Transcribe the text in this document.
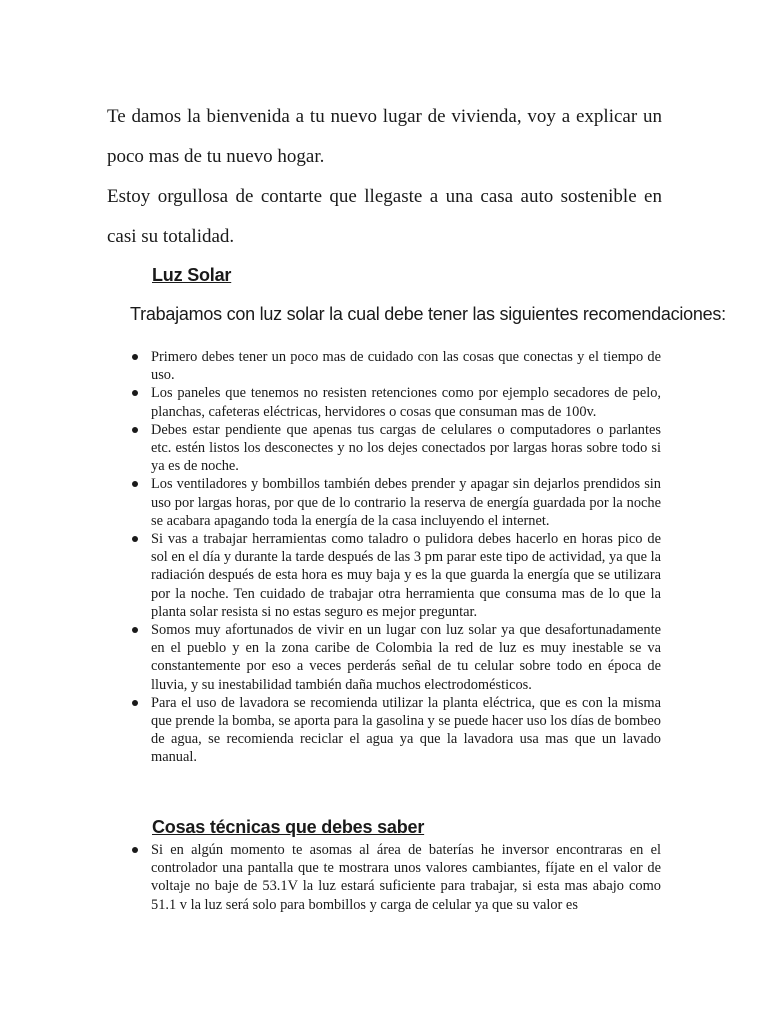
Te damos la bienvenida a tu nuevo lugar de vivienda, voy a explicar un poco mas de tu nuevo hogar.

Estoy orgullosa de contarte que llegaste a una casa auto sostenible en casi su totalidad.

Luz Solar

Trabajamos con luz solar la cual debe tener las siguientes recomendaciones:

Primero debes tener un poco mas de cuidado con las cosas que conectas y el tiempo de uso.
Los paneles que tenemos no resisten retenciones como por ejemplo secadores de pelo, planchas, cafeteras eléctricas, hervidores o cosas que consuman mas de 100v.
Debes estar pendiente que apenas tus cargas de celulares o computadores o parlantes etc. estén listos los desconectes y no los dejes conectados por largas horas sobre todo si ya es de noche.
Los ventiladores y bombillos también debes prender y apagar sin dejarlos prendidos sin uso por largas horas, por que de lo contrario la reserva de energía guardada por la noche se acabara apagando toda la energía de la casa incluyendo el internet.
Si vas a trabajar herramientas como taladro o pulidora debes hacerlo en horas pico de sol en el día y durante la tarde después de las 3 pm parar este tipo de actividad, ya que la radiación después de esta hora es muy baja y es la que guarda la energía que se utilizara por la noche. Ten cuidado de trabajar otra herramienta que consuma mas de lo que la planta solar resista si no estas seguro es mejor preguntar.
Somos muy afortunados de vivir en un lugar con luz solar ya que desafortunadamente en el pueblo y en la zona caribe de Colombia la red de luz es muy inestable se va constantemente por eso a veces perderás señal de tu celular sobre todo en época de lluvia, y su inestabilidad también daña muchos electrodomésticos.
Para el uso de lavadora se recomienda utilizar la planta eléctrica, que es con la misma que prende la bomba, se aporta para la gasolina y se puede hacer uso los días de bombeo de agua, se recomienda reciclar el agua ya que la lavadora usa mas que un lavado manual.
Cosas técnicas que debes saber
Si en algún momento te asomas al área de baterías he inversor encontraras en el controlador una pantalla que te mostrara unos valores cambiantes, fíjate en el valor de voltaje no baje de 53.1V la luz estará suficiente para trabajar, si esta mas abajo como 51.1 v la luz será solo para bombillos y carga de celular ya que su valor es
